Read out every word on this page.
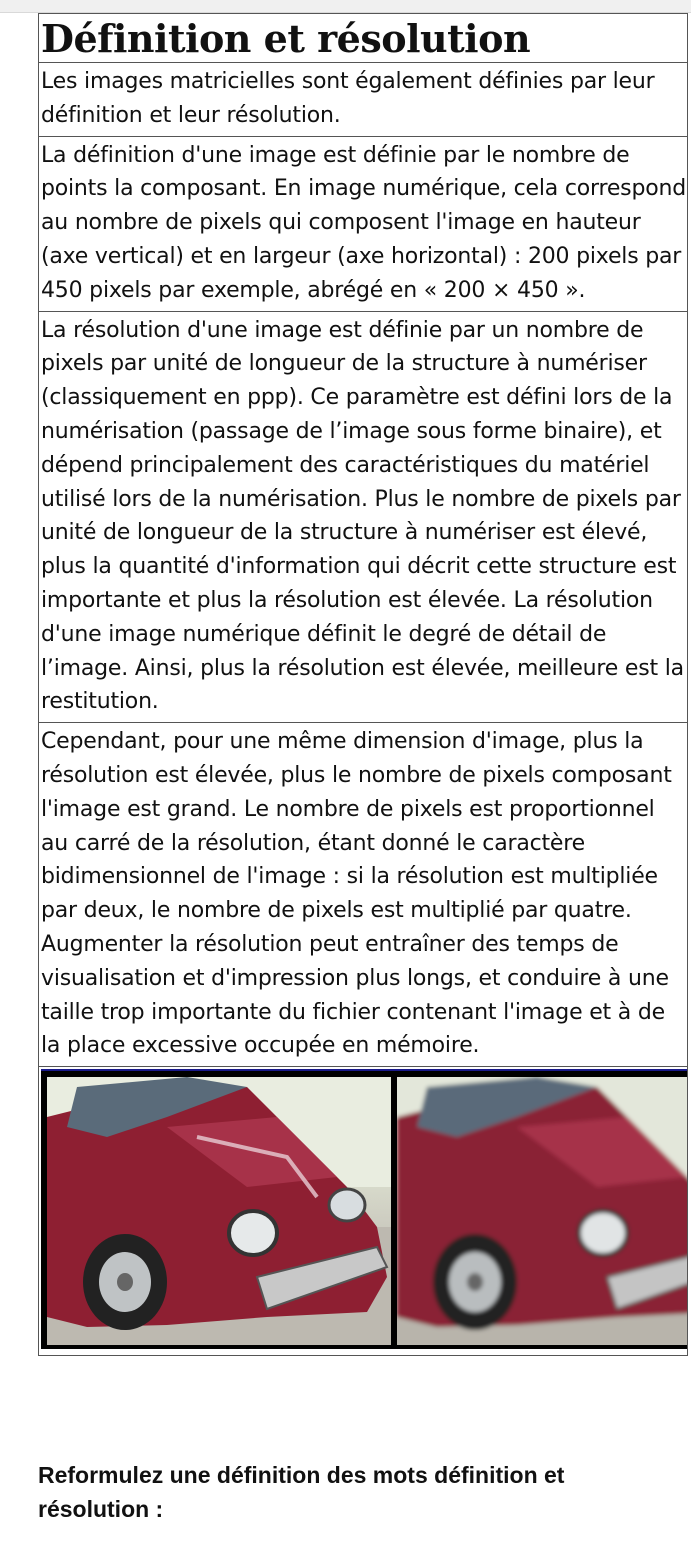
Définition et résolution
Les images matricielles sont également définies par leur définition et leur résolution.
La définition d'une image est définie par le nombre de points la composant. En image numérique, cela correspond au nombre de pixels qui composent l'image en hauteur (axe vertical) et en largeur (axe horizontal) : 200 pixels par 450 pixels par exemple, abrégé en « 200 × 450 ».
La résolution d'une image est définie par un nombre de pixels par unité de longueur de la structure à numériser (classiquement en ppp). Ce paramètre est défini lors de la numérisation (passage de l’image sous forme binaire), et dépend principalement des caractéristiques du matériel utilisé lors de la numérisation. Plus le nombre de pixels par unité de longueur de la structure à numériser est élevé, plus la quantité d'information qui décrit cette structure est importante et plus la résolution est élevée. La résolution d'une image numérique définit le degré de détail de l’image. Ainsi, plus la résolution est élevée, meilleure est la restitution.
Cependant, pour une même dimension d'image, plus la résolution est élevée, plus le nombre de pixels composant l'image est grand. Le nombre de pixels est proportionnel au carré de la résolution, étant donné le caractère bidimensionnel de l'image : si la résolution est multipliée par deux, le nombre de pixels est multiplié par quatre. Augmenter la résolution peut entraîner des temps de visualisation et d'impression plus longs, et conduire à une taille trop importante du fichier contenant l'image et à de la place excessive occupée en mémoire.
Reformulez une définition des mots définition et résolution :
